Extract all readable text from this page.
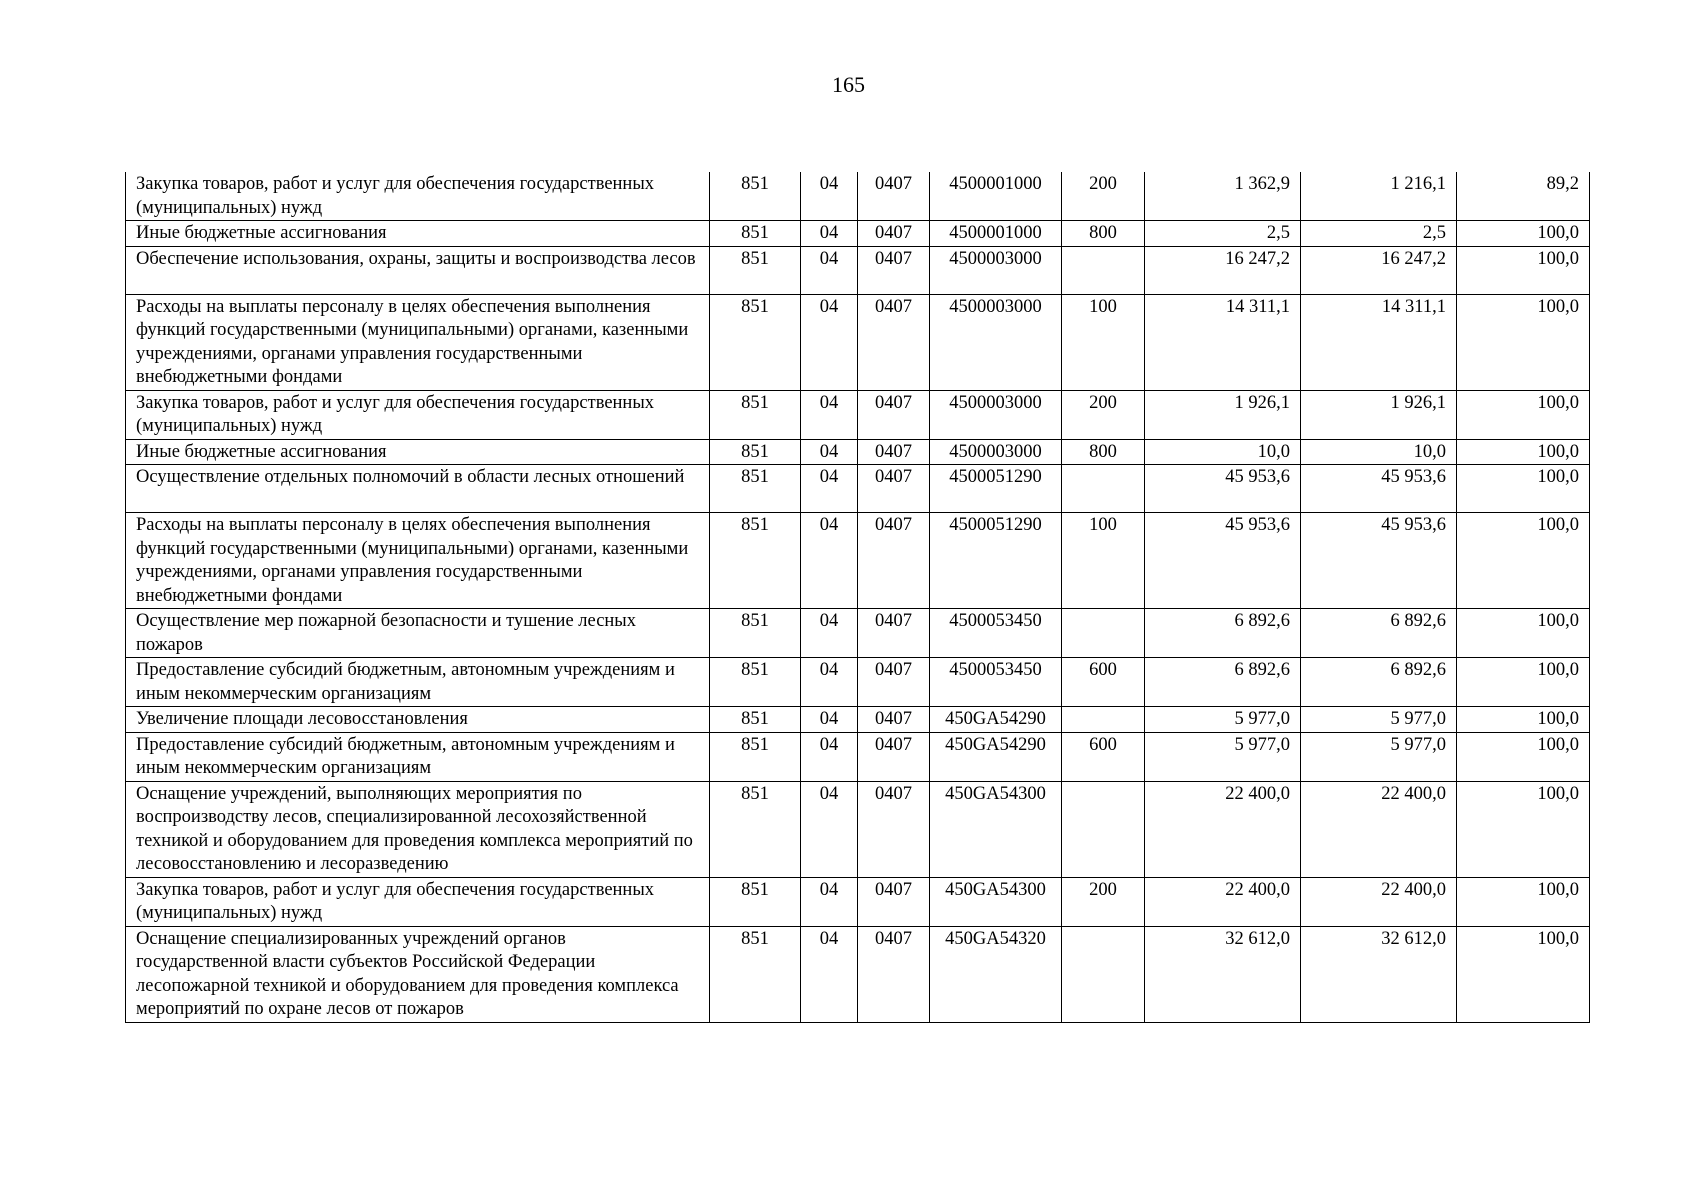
165
Закупка товаров, работ и услуг для обеспечения государственных (муниципальных) нужд	851	04	0407	4500001000	200	1 362,9	1 216,1	89,2
Иные бюджетные ассигнования	851	04	0407	4500001000	800	2,5	2,5	100,0
Обеспечение использования, охраны, защиты и воспроизводства лесов	851	04	0407	4500003000		16 247,2	16 247,2	100,0
Расходы на выплаты персоналу в целях обеспечения выполнения функций государственными (муниципальными) органами, казенными учреждениями, органами управления государственными внебюджетными фондами	851	04	0407	4500003000	100	14 311,1	14 311,1	100,0
Закупка товаров, работ и услуг для обеспечения государственных (муниципальных) нужд	851	04	0407	4500003000	200	1 926,1	1 926,1	100,0
Иные бюджетные ассигнования	851	04	0407	4500003000	800	10,0	10,0	100,0
Осуществление отдельных полномочий в области лесных отношений	851	04	0407	4500051290		45 953,6	45 953,6	100,0
Расходы на выплаты персоналу в целях обеспечения выполнения функций государственными (муниципальными) органами, казенными учреждениями, органами управления государственными внебюджетными фондами	851	04	0407	4500051290	100	45 953,6	45 953,6	100,0
Осуществление мер пожарной безопасности и тушение лесных пожаров	851	04	0407	4500053450		6 892,6	6 892,6	100,0
Предоставление субсидий бюджетным, автономным учреждениям и иным некоммерческим организациям	851	04	0407	4500053450	600	6 892,6	6 892,6	100,0
Увеличение площади лесовосстановления	851	04	0407	450GA54290		5 977,0	5 977,0	100,0
Предоставление субсидий бюджетным, автономным учреждениям и иным некоммерческим организациям	851	04	0407	450GA54290	600	5 977,0	5 977,0	100,0
Оснащение учреждений, выполняющих мероприятия по воспроизводству лесов, специализированной лесохозяйственной техникой и оборудованием для проведения комплекса мероприятий по лесовосстановлению и лесоразведению	851	04	0407	450GA54300		22 400,0	22 400,0	100,0
Закупка товаров, работ и услуг для обеспечения государственных (муниципальных) нужд	851	04	0407	450GA54300	200	22 400,0	22 400,0	100,0
Оснащение специализированных учреждений органов государственной власти субъектов Российской Федерации лесопожарной техникой и оборудованием для проведения комплекса мероприятий по охране лесов от пожаров	851	04	0407	450GA54320		32 612,0	32 612,0	100,0
